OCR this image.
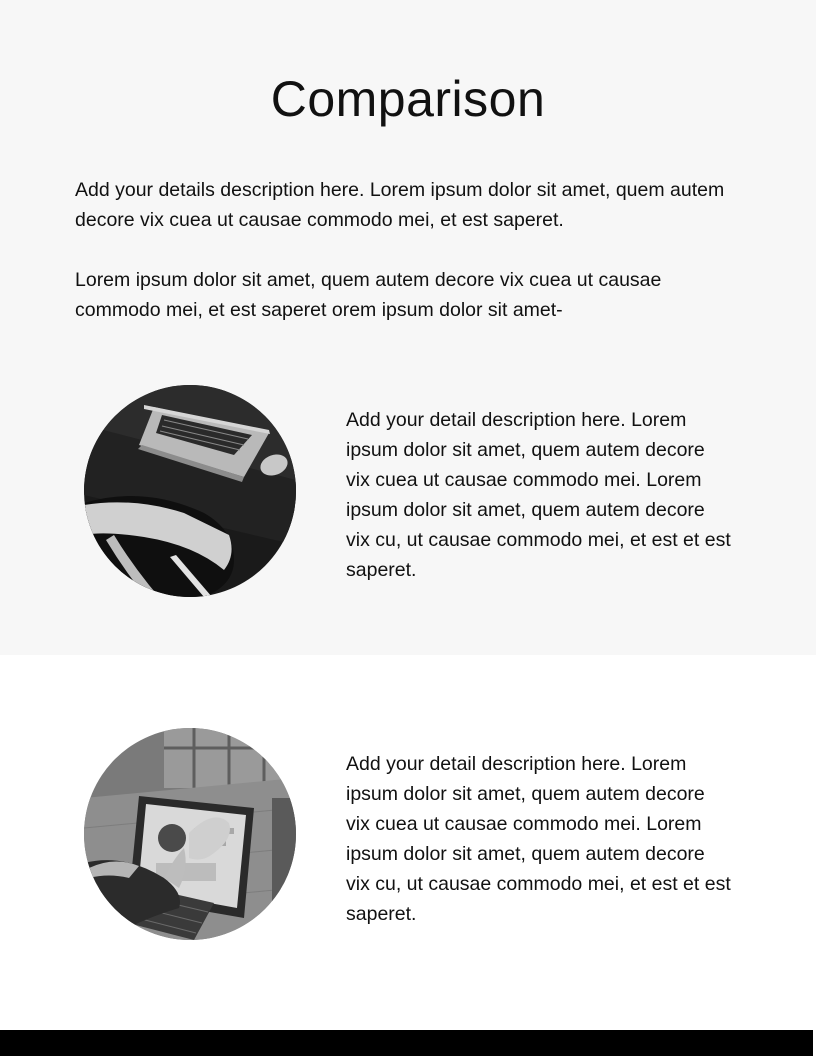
Comparison

Add your details description here. Lorem ipsum dolor sit amet, quem autem decore vix cuea ut causae commodo mei, et est saperet.

Lorem ipsum dolor sit amet, quem autem decore vix cuea ut causae commodo mei, et est saperet orem ipsum dolor sit amet-

Add your detail description here. Lorem ipsum dolor sit amet, quem autem decore vix cuea ut causae commodo mei. Lorem ipsum dolor sit amet, quem autem decore vix cu, ut causae commodo mei, et est et est saperet.

Add your detail description here. Lorem ipsum dolor sit amet, quem autem decore vix cuea ut causae commodo mei. Lorem ipsum dolor sit amet, quem autem decore vix cu, ut causae commodo mei, et est et est saperet.
